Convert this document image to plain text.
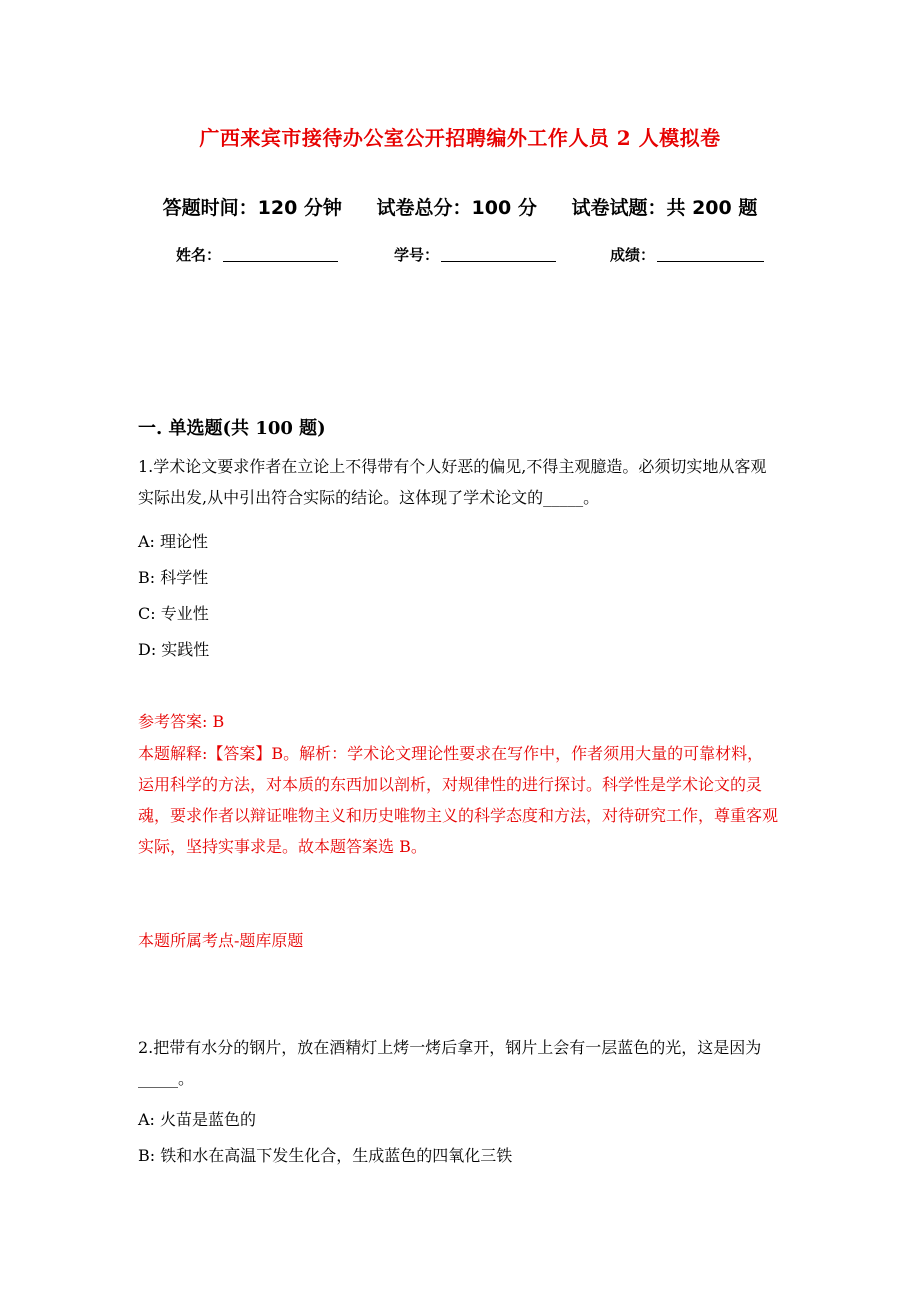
广西来宾市接待办公室公开招聘编外工作人员 2 人模拟卷
答题时间：120 分钟 试卷总分：100 分 试卷试题：共 200 题
姓名：	学号：	成绩：
一. 单选题(共 100 题)
1.学术论文要求作者在立论上不得带有个人好恶的偏见,不得主观臆造。必须切实地从客观实际出发,从中引出符合实际的结论。这体现了学术论文的_____。
A: 理论性
B: 科学性
C: 专业性
D: 实践性
参考答案: B
本题解释:【答案】B。解析：学术论文理论性要求在写作中，作者须用大量的可靠材料，运用科学的方法，对本质的东西加以剖析，对规律性的进行探讨。科学性是学术论文的灵魂，要求作者以辩证唯物主义和历史唯物主义的科学态度和方法，对待研究工作，尊重客观实际，坚持实事求是。故本题答案选 B。
本题所属考点-题库原题
2.把带有水分的钢片，放在酒精灯上烤一烤后拿开，钢片上会有一层蓝色的光，这是因为_____。
A: 火苗是蓝色的
B: 铁和水在高温下发生化合，生成蓝色的四氧化三铁
